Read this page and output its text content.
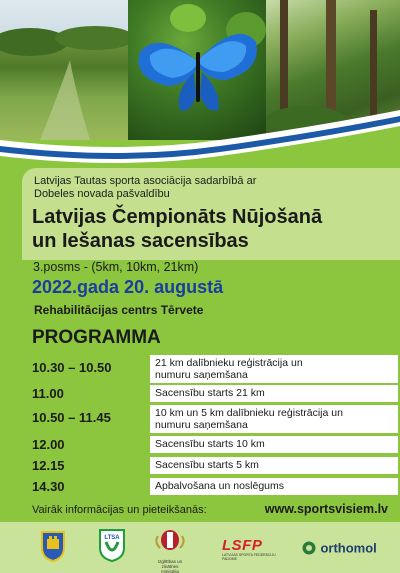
Latvijas Tautas sporta asociācija sadarbībā ar
Dobeles novada pašvaldību
Latvijas Čempionāts Nūjošanā
un Iešanas sacensības
3.posms - (5km, 10km, 21km)
2022.gada 20. augustā
Rehabilitācijas centrs Tērvete
PROGRAMMA
10.30 – 10.50	21 km dalībnieku reģistrācija un
numuru saņemšana
11.00	Sacensību starts 21 km
10.50 – 11.45	10 km un 5 km dalībnieku reģistrācija un
numuru saņemšana
12.00	Sacensību starts 10 km
12.15	Sacensību starts 5 km
14.30	Apbalvošana un noslēgums
Vairāk informācijas un pieteikšanās:	www.sportsvisiem.lv
LTSA
Izglītības un zinātnes
ministrija
LSFP
LATVIJAS SPORTA FEDERĀCIJU PADOME
orthomol
